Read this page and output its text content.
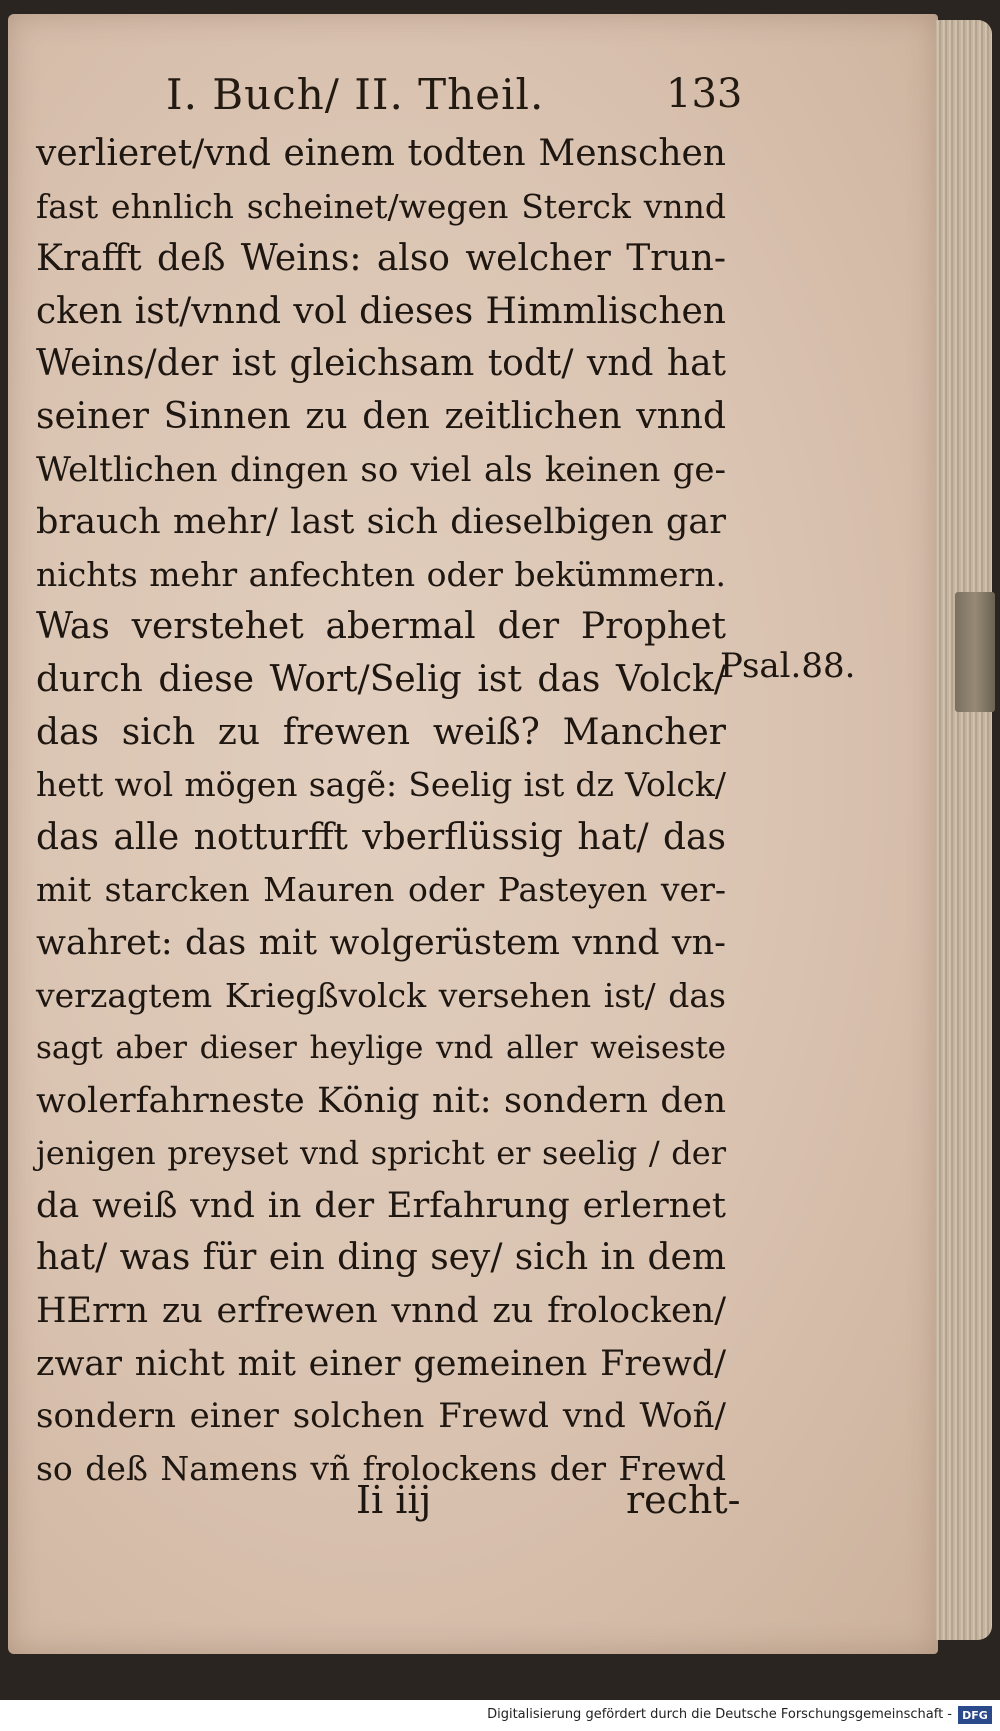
I. Buch/ II. Theil.	133
verlieret/vnd einem todten Menschen
fast ehnlich scheinet/wegen Sterck vnnd
Krafft deß Weins: also welcher Trun-
cken ist/vnnd vol dieses Himmlischen
Weins/der ist gleichsam todt/ vnd hat
seiner Sinnen zu den zeitlichen vnnd
Weltlichen dingen so viel als keinen ge-
brauch mehr/ last sich dieselbigen gar
nichts mehr anfechten oder bekümmern.
Was verstehet abermal der Prophet
durch diese Wort/Selig ist das Volck/
das sich zu frewen weiß? Mancher
hett wol mögen sagẽ: Seelig ist dz Volck/
das alle notturfft vberflüssig hat/ das
mit starcken Mauren oder Pasteyen ver-
wahret: das mit wolgerüstem vnnd vn-
verzagtem Kriegßvolck versehen ist/ das
sagt aber dieser heylige vnd aller weiseste
wolerfahrneste König nit: sondern den
jenigen preyset vnd spricht er seelig / der
da weiß vnd in der Erfahrung erlernet
hat/ was für ein ding sey/ sich in dem
HErrn zu erfrewen vnnd zu frolocken/
zwar nicht mit einer gemeinen Frewd/
sondern einer solchen Frewd vnd Woñ/
so deß Namens vñ frolockens der Frewd
Psal.88.
Ii iij	recht-
Digitalisierung gefördert durch die Deutsche Forschungsgemeinschaft - DFG
